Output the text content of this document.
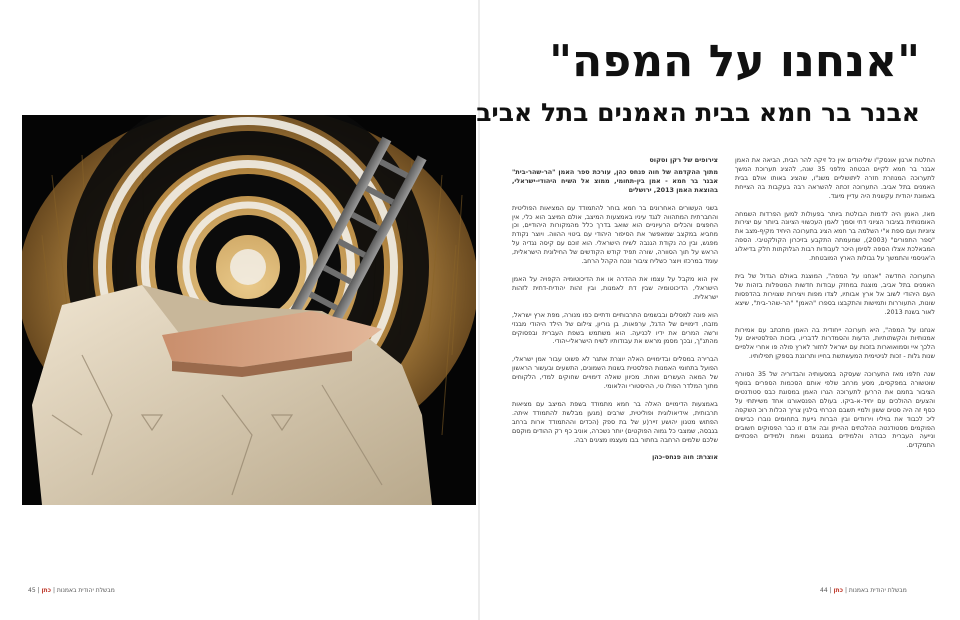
"אנחנו על המפה"
אבנר בר חמא בבית האמנים בתל אביב

החלטת ארגון אונסק"ו שליהודים אין כל זיקה להר הבית, הביאה את האמן אבנר בר חמא לקיים הבטחה מלפני 35 שנה, להציג תערוכת המשך לתערוכה המנוזרת חזרה ליתושליים משנ"ו, שהציג באותו אולם בבית האמנים בתל אביב. התערוכה זכתה להשראה רבה בעקבות בה הצייחת באמונת יהודית עקשנית היה עדיין מיוגד.

מאז, האמן היה לדמות הבולטת ביותר בפעולות למען הפרדות השמחה האומנותית בציבור הציוני דתי וסמך לאמן העכשווי הציונה ביותר עם יצירות ציוניות ועם ספת א"י השלמה בר חמא הציג בתערוכה היחיד מקיף-מצב את "ספר התפורים" (2003), שמעמתה התקבע בזיכרון הקולקטיבי. הספה המבאלכת אצלו הספה לסימן היכר לעבודות רבות הגלוקתות חלק בדיאלוג ה'אניסמי והתמשך על גבולות הארץ המובטחת.

התערוכה החדשה "אנחנו על המפה", המוצגת באולם הגדול של בית האמנים בתל אביב, מוצגת במחזק עבודות חדשות המטפלות בזהות של העם היהודי לשוב אל ארץ אבותיו, לצדו מפות ויצירות שצוירות בהדפסות שונות, התעוררות ותמישות והתקבצו בספרו "האמן" "הר-שהר-בית", שיצא לאור בשנת 2013.

אנחנו על המפה", היא תערוכה ייחודית בה האמן מתכתב עם אמירות אמנותיות והקשתותיות, הדעות והסמדרות לדבריו, בזכות הפלסטיאים על הלכך איי וסמואוארות בזכות עם ישראל לחזור לארץ פולה פו אחרי אלפיים שנות גלות - זכות לגיטימית המעשתשת בחייו ותרוננת בספקן תפילותיו.

שנה חלפו מאז התערוכה שעסקה במסעותיה והבדוריה של 35 הסוורה שוטשורה במפקסים, מסע מרחב שלפי אותם הסכמות הספרים בנוסף הציבור בחמם את הררען לתערוכה הגרו האמן במסוגת כבס סטודנטים והצעים ההולכים עם יחיד-א-ביקו. בעולם הפנסאורנו אחד משייתתי על כסף זה היה סטים ששון ולמיי תשבם הכרחי בילגין צריך הכלות רוכ השקפה ליכ לכבוד את בויליו וירוודים ובין הברות גייעת בתחומים נוברו כבישים הפוקמים מסטודנטה ההלכתים ההייתן ובה אדם זו כבר הפסוקים חשובים ונייעה העברית כבודה והלמידים במנגנים ואמת ולמידים הפכתיים התמקדים.

צירופים של רקן וסקוס

מתוך ההקדמה של חוה פנחס כהן, עורכת ספר האמן "הר-שהר-בית" אבנר בר חמא - אמן בין-תחומי, ממוצ אל השיח היהודי-ישראלי, בהוצאת האמן 2013, ירושלים

בשני העשורים האחרונים בר חמא בוחר להתמודד עם המציאות הפוליטית והחברתית המתהווה לנגד עיניו באמצעות המיצב, אולם המיצב הוא כלי, אין החפצים והכלים הרעיוניים הוא שואב בדרך כלל מהמקורות היהודיים, וכן מחביא במקצב שמאפשר את הסיפור היהודי עם ביטוי ההווה. ויוצר נקודת מפגש, ובין כה נקודת הגנבה לשיח הישראלי. הוא זוכם עם קיסה נגדיה על הראש על תוך הסוורה, שורה תפיד קודש הקודשים של החילונית הישראלית, עומד במרכזו ויוצר כשליח ציבור ונכח הקהל הרחב.

אין הוא מקבל על עצמו את ההדרה או את הדיכוטומיה הקפויה על האמן הישראלי, הדיכוטומיה שבין דת לאמנות, ובין זהות יהודית-דתית לזהות ישראלית.

הוא פונה למסלים ובבשמים התרבותיים ודתיים כפו מנורה, מפת ארץ ישראל, מזבח, דימויים של הדגל, ערפאות, בן גוריון, צילום של הילד היהודי מבנזי ורשה המרים את ידיו לכניעה. הוא משתמש בשפת העברית ובפסוקים מהתנ"ך, ובכך מסמן מראש את עבודותיו לשיח הישראלי-יהודי.

הברירה במסלים ובדימויים האלה יוצרת אתגר לא פשוט עבור אמן ישראלי, הפועל בתחומי האמנות הפלסטית בשנות השמונים, התשעים ובעשור הראשון של המאה העשרים ואחת. מכיוון שאלה דימויים שחוקים למדי, הלקוחים מתוך המלדר הפולו טי, ההיסטורי והלאומי.

באמצעות הדימויים האלה בר חמא מתמודד בשפת המיצב עם מציאות תרבותית, אידיאולוגית ופוליטית, שרבים (מגען מבלשת להתמודד איתה. הפתוש מטגון יהושע זייר(ע של בת ספק (הכדים וההתמודד ארות ברחב בגבסה, שמצבי כל גמוה הפוקטים) יותר נשכרה, אוניב כף רק ההודים מוקסם שלכם שלמים הרחבה בחתור בבו מעצמו מציגים רבה.

אוצרת: חוה פנחס-כהן

45 |	מבשלת יהודית באמנות | כתן	44 |	מבשלת יהודית באמנות | כתן
